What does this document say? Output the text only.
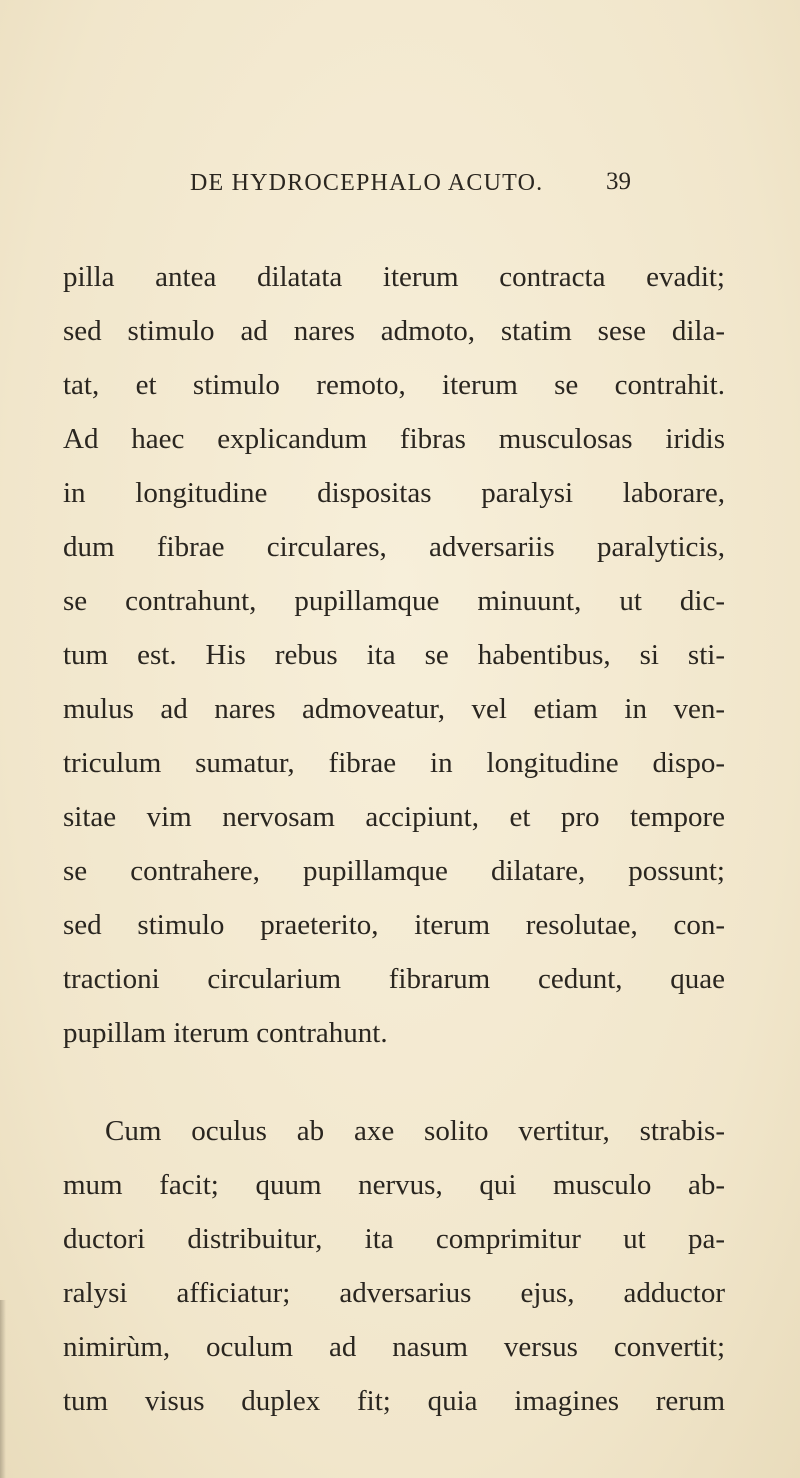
DE HYDROCEPHALO ACUTO.	39
pilla antea dilatata iterum contracta evadit;
sed stimulo ad nares admoto, statim sese dila-
tat, et stimulo remoto, iterum se contrahit.
Ad haec explicandum fibras musculosas iridis
in longitudine dispositas paralysi laborare,
dum fibrae circulares, adversariis paralyticis,
se contrahunt, pupillamque minuunt, ut dic-
tum est. His rebus ita se habentibus, si sti-
mulus ad nares admoveatur, vel etiam in ven-
triculum sumatur, fibrae in longitudine dispo-
sitae vim nervosam accipiunt, et pro tempore
se contrahere, pupillamque dilatare, possunt;
sed stimulo praeterito, iterum resolutae, con-
tractioni circularium fibrarum cedunt, quae
pupillam iterum contrahunt.
Cum oculus ab axe solito vertitur, strabis-
mum facit; quum nervus, qui musculo ab-
ductori distribuitur, ita comprimitur ut pa-
ralysi afficiatur; adversarius ejus, adductor
nimirùm, oculum ad nasum versus convertit;
tum visus duplex fit; quia imagines rerum
